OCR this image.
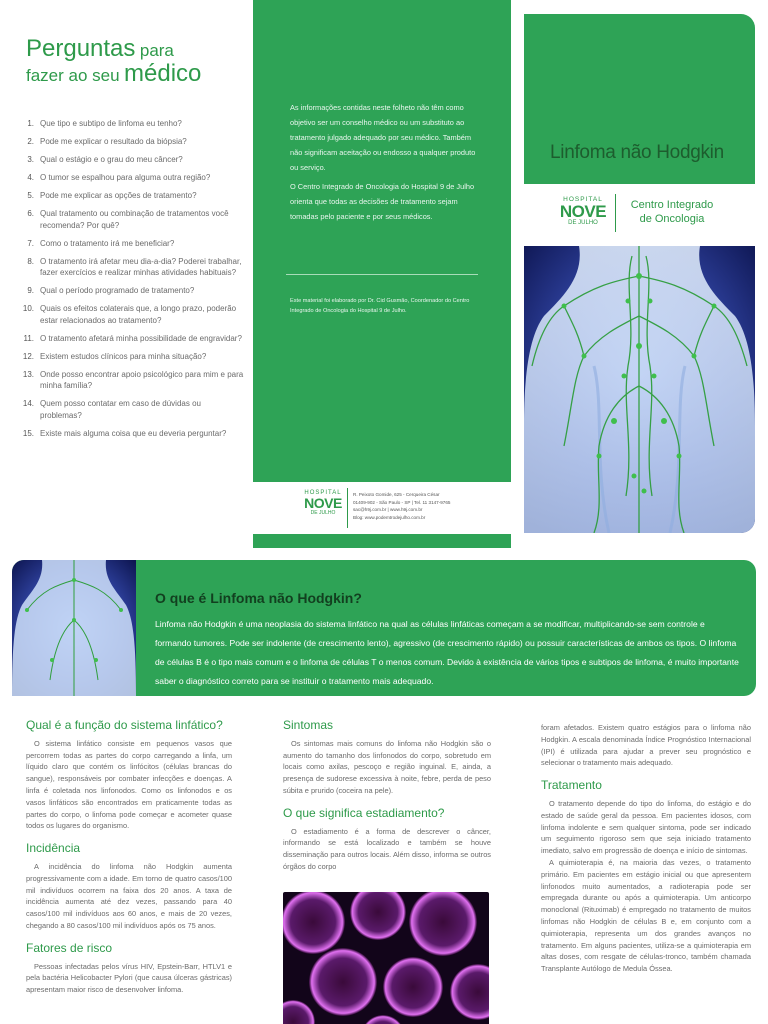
Perguntas para
fazer ao seu médico
1. Que tipo e subtipo de linfoma eu tenho?
2. Pode me explicar o resultado da biópsia?
3. Qual o estágio e o grau do meu câncer?
4. O tumor se espalhou para alguma outra região?
5. Pode me explicar as opções de tratamento?
6. Qual tratamento ou combinação de tratamentos você recomenda? Por quê?
7. Como o tratamento irá me beneficiar?
8. O tratamento irá afetar meu dia-a-dia? Poderei trabalhar, fazer exercícios e realizar minhas atividades habituais?
9. Qual o período programado de tratamento?
10. Quais os efeitos colaterais que, a longo prazo, poderão estar relacionados ao tratamento?
11. O tratamento afetará minha possibilidade de engravidar?
12. Existem estudos clínicos para minha situação?
13. Onde posso encontrar apoio psicológico para mim e para minha família?
14. Quem posso contatar em caso de dúvidas ou problemas?
15. Existe mais alguma coisa que eu deveria perguntar?

As informações contidas neste folheto não têm como objetivo ser um conselho médico ou um substituto ao tratamento julgado adequado por seu médico. Também não significam aceitação ou endosso a qualquer produto ou serviço.

O Centro Integrado de Oncologia do Hospital 9 de Julho orienta que todas as decisões de tratamento sejam tomadas pelo paciente e por seus médicos.

Este material foi elaborado por Dr. Cid Gusmão, Coordenador do Centro Integrado de Oncologia do Hospital 9 de Julho.
HOSPITAL
NOVE
DE JULHO
R. Peixoto Gomide, 625 - Cerqueira César
01409-902 - São Paulo - SP | Tel. 11 3147-9765
sac@h9j.com.br | www.h9j.com.br
Blog: www.podemtrodejulho.com.br
Linfoma não Hodgkin
HOSPITAL
NOVE
DE JULHO
Centro Integrado
de Oncologia
O que é Linfoma não Hodgkin?

Linfoma não Hodgkin é uma neoplasia do sistema linfático na qual as células linfáticas começam a se modificar, multiplicando-se sem controle e formando tumores. Pode ser indolente (de crescimento lento), agressivo (de crescimento rápido) ou possuir características de ambos os tipos. O linfoma de células B é o tipo mais comum e o linfoma de células T o menos comum. Devido à existência de vários tipos e subtipos de linfoma, é muito importante saber o diagnóstico correto para se instituir o tratamento mais adequado.

Qual é a função do sistema linfático?

O sistema linfático consiste em pequenos vasos que percorrem todas as partes do corpo carregando a linfa, um líquido claro que contém os linfócitos (células brancas do sangue), responsáveis por combater infecções e doenças. A linfa é coletada nos linfonodos. Como os linfonodos e os vasos linfáticos são encontrados em praticamente todas as partes do corpo, o linfoma pode começar e acometer quase todos os lugares do organismo.

Incidência

A incidência do linfoma não Hodgkin aumenta progressivamente com a idade. Em torno de quatro casos/100 mil indivíduos ocorrem na faixa dos 20 anos. A taxa de incidência aumenta até dez vezes, passando para 40 casos/100 mil indivíduos aos 60 anos, e mais de 20 vezes, chegando a 80 casos/100 mil indivíduos após os 75 anos.

Fatores de risco

Pessoas infectadas pelos vírus HIV, Epstein-Barr, HTLV1 e pela bactéria Helicobacter Pylori (que causa úlceras gástricas) apresentam maior risco de desenvolver linfoma.

Sintomas

Os sintomas mais comuns do linfoma não Hodgkin são o aumento do tamanho dos linfonodos do corpo, sobretudo em locais como axilas, pescoço e região inguinal. E, ainda, a presença de sudorese excessiva à noite, febre, perda de peso súbita e prurido (coceira na pele).

O que significa estadiamento?

O estadiamento é a forma de descrever o câncer, informando se está localizado e também se houve disseminação para outros locais. Além disso, informa se outros órgãos do corpo

foram afetados. Existem quatro estágios para o linfoma não Hodgkin. A escala denominada Índice Prognóstico Internacional (IPI) é utilizada para ajudar a prever seu prognóstico e selecionar o tratamento mais adequado.

Tratamento

O tratamento depende do tipo do linfoma, do estágio e do estado de saúde geral da pessoa. Em pacientes idosos, com linfoma indolente e sem qualquer sintoma, pode ser indicado um seguimento rigoroso sem que seja iniciado tratamento imediato, salvo em progressão de doença e início de sintomas.

A quimioterapia é, na maioria das vezes, o tratamento primário. Em pacientes em estágio inicial ou que apresentem linfonodos muito aumentados, a radioterapia pode ser empregada durante ou após a quimioterapia. Um anticorpo monoclonal (Rituximab) é empregado no tratamento de muitos linfomas não Hodgkin de células B e, em conjunto com a quimioterapia, representa um dos grandes avanços no tratamento. Em alguns pacientes, utiliza-se a quimioterapia em altas doses, com resgate de células-tronco, também chamada Transplante Autólogo de Medula Óssea.
